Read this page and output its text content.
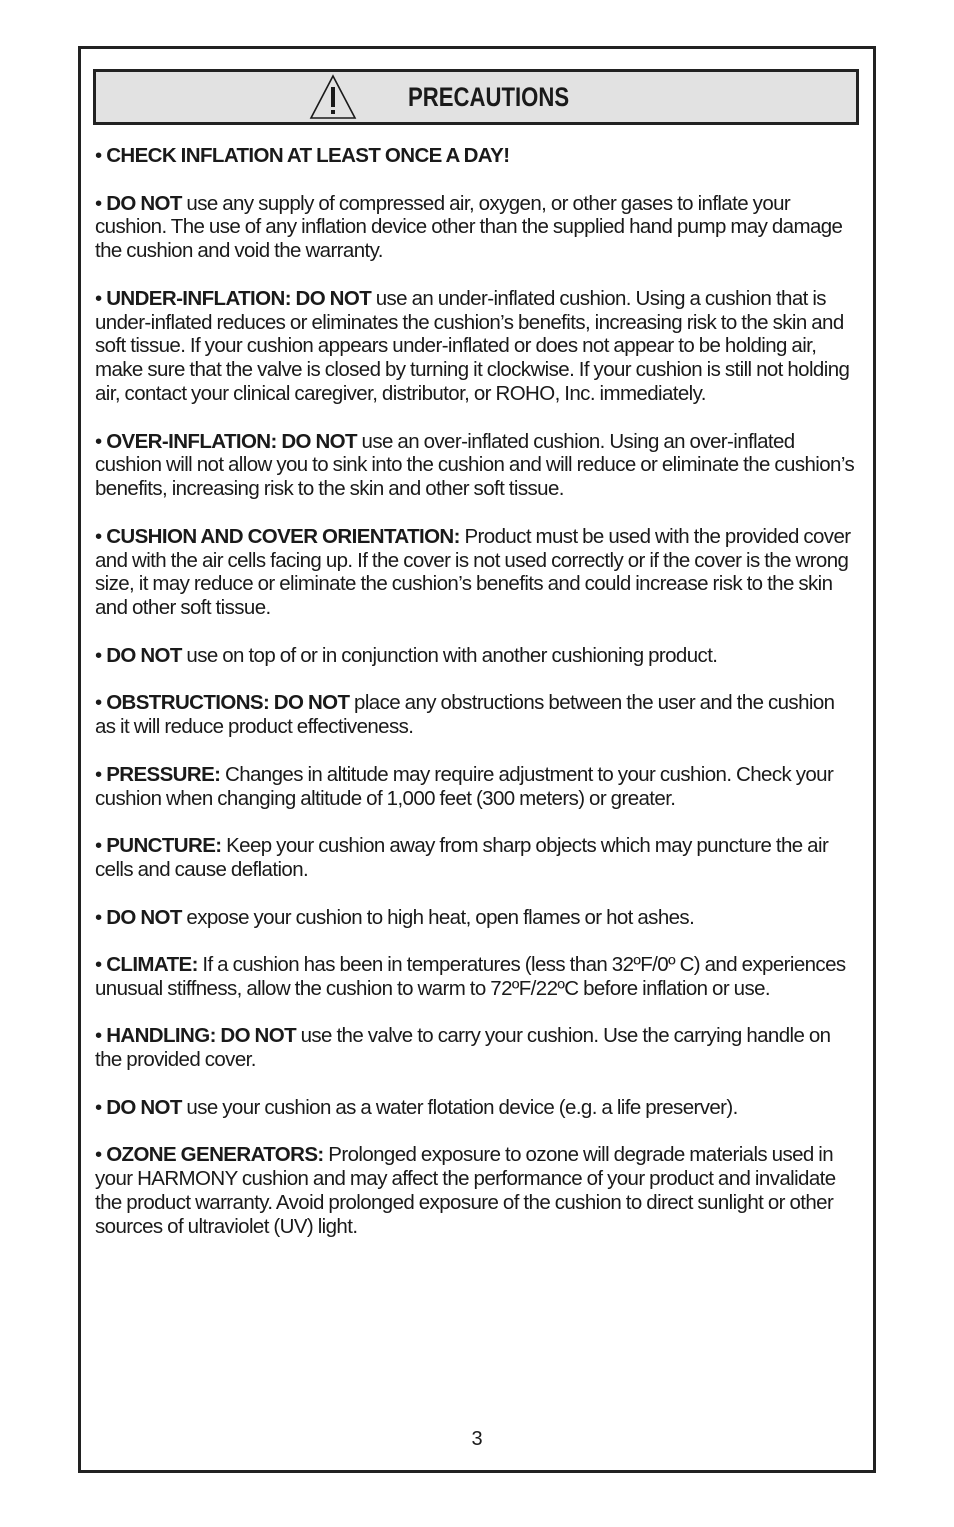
PRECAUTIONS

• CHECK INFLATION AT LEAST ONCE A DAY!

• DO NOT use any supply of compressed air, oxygen, or other gases to inflate your cushion. The use of any inflation device other than the supplied hand pump may damage the cushion and void the warranty.

• UNDER-INFLATION: DO NOT use an under-inflated cushion. Using a cushion that is under-inflated reduces or eliminates the cushion’s benefits, increasing risk to the skin and soft tissue. If your cushion appears under-inflated or does not appear to be holding air, make sure that the valve is closed by turning it clockwise. If your cushion is still not holding air, contact your clinical caregiver, distributor, or ROHO, Inc. immediately.

• OVER-INFLATION: DO NOT use an over-inflated cushion. Using an over-inflated cushion will not allow you to sink into the cushion and will reduce or eliminate the cushion’s benefits, increasing risk to the skin and other soft tissue.

• CUSHION AND COVER ORIENTATION: Product must be used with the provided cover and with the air cells facing up. If the cover is not used correctly or if the cover is the wrong size, it may reduce or eliminate the cushion’s benefits and could increase risk to the skin and other soft tissue.

• DO NOT use on top of or in conjunction with another cushioning product.

• OBSTRUCTIONS: DO NOT place any obstructions between the user and the cushion as it will reduce product effectiveness.

• PRESSURE: Changes in altitude may require adjustment to your cushion. Check your cushion when changing altitude of 1,000 feet (300 meters) or greater.

• PUNCTURE: Keep your cushion away from sharp objects which may puncture the air cells and cause deflation.

• DO NOT expose your cushion to high heat, open flames or hot ashes.

• CLIMATE: If a cushion has been in temperatures (less than 32ºF/0º C) and experiences unusual stiffness, allow the cushion to warm to 72ºF/22ºC before inflation or use.

• HANDLING: DO NOT use the valve to carry your cushion. Use the carrying handle on the provided cover.

• DO NOT use your cushion as a water flotation device (e.g. a life preserver).

• OZONE GENERATORS: Prolonged exposure to ozone will degrade materials used in your HARMONY cushion and may affect the performance of your product and invalidate the product warranty. Avoid prolonged exposure of the cushion to direct sunlight or other sources of ultraviolet (UV) light.

3
